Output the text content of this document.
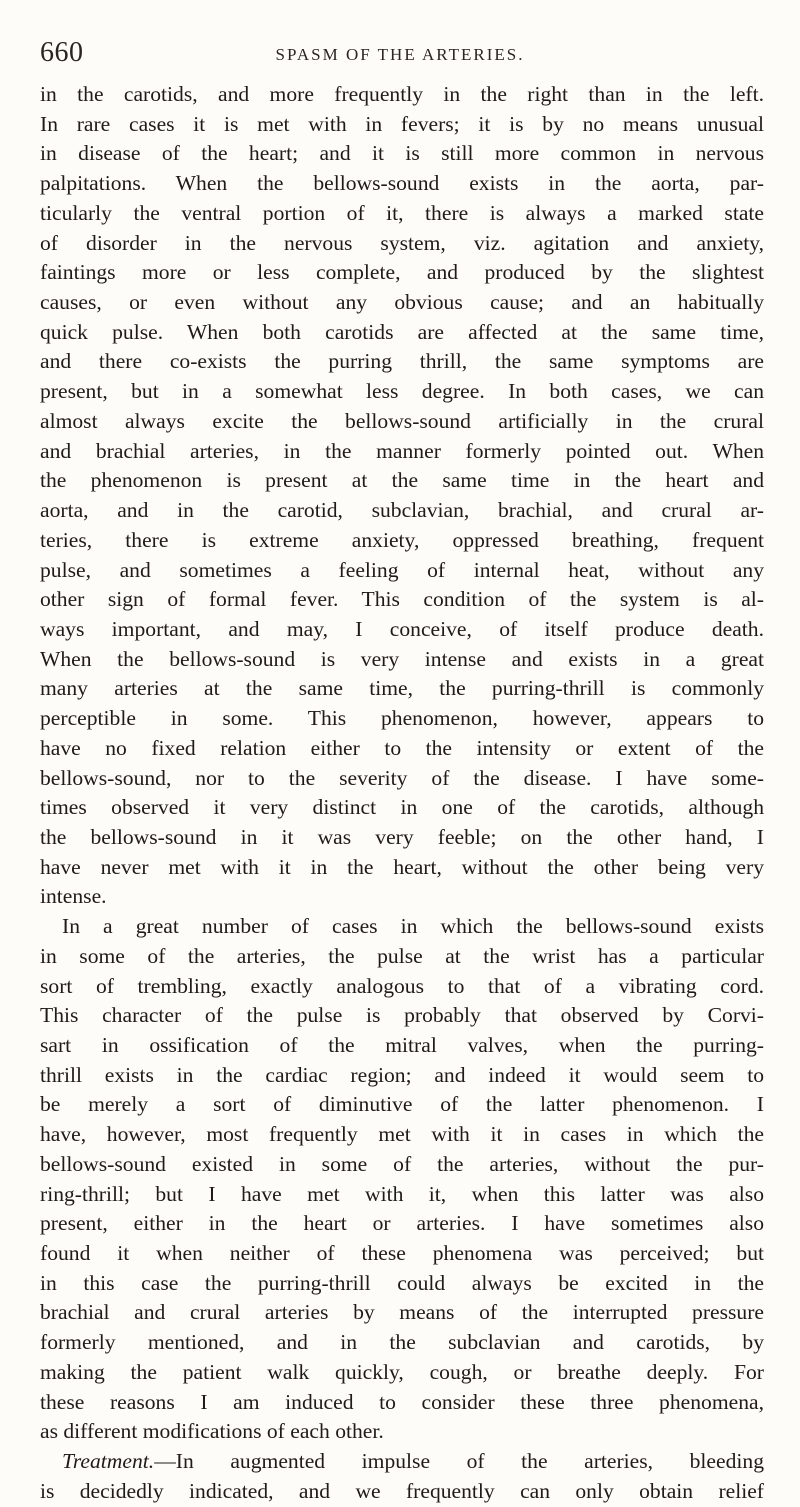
660	SPASM OF THE ARTERIES.
in the carotids, and more frequently in the right than in the left.
In rare cases it is met with in fevers; it is by no means unusual
in disease of the heart; and it is still more common in nervous
palpitations. When the bellows-sound exists in the aorta, par-
ticularly the ventral portion of it, there is always a marked state
of disorder in the nervous system, viz. agitation and anxiety,
faintings more or less complete, and produced by the slightest
causes, or even without any obvious cause; and an habitually
quick pulse. When both carotids are affected at the same time,
and there co-exists the purring thrill, the same symptoms are
present, but in a somewhat less degree. In both cases, we can
almost always excite the bellows-sound artificially in the crural
and brachial arteries, in the manner formerly pointed out. When
the phenomenon is present at the same time in the heart and
aorta, and in the carotid, subclavian, brachial, and crural ar-
teries, there is extreme anxiety, oppressed breathing, frequent
pulse, and sometimes a feeling of internal heat, without any
other sign of formal fever. This condition of the system is al-
ways important, and may, I conceive, of itself produce death.
When the bellows-sound is very intense and exists in a great
many arteries at the same time, the purring-thrill is commonly
perceptible in some. This phenomenon, however, appears to
have no fixed relation either to the intensity or extent of the
bellows-sound, nor to the severity of the disease. I have some-
times observed it very distinct in one of the carotids, although
the bellows-sound in it was very feeble; on the other hand, I
have never met with it in the heart, without the other being very
intense.
In a great number of cases in which the bellows-sound exists
in some of the arteries, the pulse at the wrist has a particular
sort of trembling, exactly analogous to that of a vibrating cord.
This character of the pulse is probably that observed by Corvi-
sart in ossification of the mitral valves, when the purring-
thrill exists in the cardiac region; and indeed it would seem to
be merely a sort of diminutive of the latter phenomenon. I
have, however, most frequently met with it in cases in which the
bellows-sound existed in some of the arteries, without the pur-
ring-thrill; but I have met with it, when this latter was also
present, either in the heart or arteries. I have sometimes also
found it when neither of these phenomena was perceived; but
in this case the purring-thrill could always be excited in the
brachial and crural arteries by means of the interrupted pressure
formerly mentioned, and in the subclavian and carotids, by
making the patient walk quickly, cough, or breathe deeply. For
these reasons I am induced to consider these three phenomena,
as different modifications of each other.
Treatment.—In augmented impulse of the arteries, bleeding
is decidedly indicated, and we frequently can only obtain relief
